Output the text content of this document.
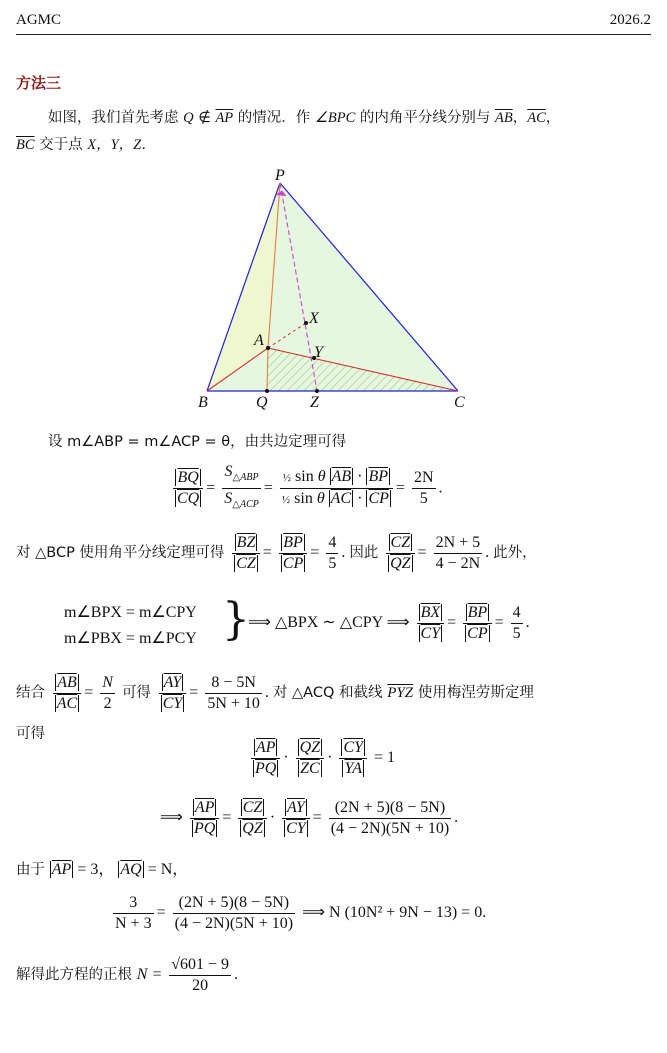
AGMC	2026.2
方法三
如图，我们首先考虑 Q ∉ $\overline{AP}$ 的情况．作 ∠BPC 的内角平分线分别与 $\overline{AB}$，$\overline{AC}$，
$\overline{BC}$ 交于点 X，Y，Z．
P
A
X
Y
B	Q	Z	C
设 m∠ABP = m∠ACP = θ，由共边定理可得
$\frac{\overline{BQ}}{CQ} = \frac{S_{\triangle ABP}}{S_{\triangle ACP}} = \frac{\frac{1}{2} \sin \theta \overline{AB} \cdot \overline{BP}}{\frac{1}{2} \sin \theta \overline{AC} \cdot \overline{CP}} = \frac{2N}{5}$ .
对 △BCP 使用角平分线定理可得 $\frac{\overline{BZ}}{CZ} = \frac{\overline{BP}}{CP} = \frac{4}{5}$ . 因此 $\frac{\overline{CZ}}{QZ} = \frac{2N + 5}{4 - 2N}$ . 此外，
m∠BPX = m∠CPY
m∠PBX = m∠PCY }
⟹ △BPX ∼ △CPY ⟹ $\frac{\overline{BX}}{CY} = \frac{\overline{BP}}{CP} = \frac{4}{5}$ .
结合 $\frac{\overline{AB}}{AC} = \frac{N}{2}$ 可得 $\frac{\overline{AY}}{CY} = \frac{8 - 5N}{5N + 10}$ . 对 △ACQ 和截线 $\overline{PYZ}$ 使用梅涅劳斯定理
可得
$\frac{\overline{AP}}{PQ} \cdot \frac{\overline{QZ}}{ZC} \cdot \frac{\overline{CY}}{YA} = 1$
⟹ $\frac{\overline{AP}}{PQ} = \frac{\overline{CZ}}{QZ} \cdot \frac{\overline{AY}}{CY} = \frac{(2N + 5)(8 - 5N)}{(4 - 2N)(5N + 10)}$ .
由于 $\overline{AP} = 3$， $\overline{AQ} = N$，
$\frac{3}{N + 3} = \frac{(2N + 5)(8 - 5N)}{(4 - 2N)(5N + 10)}$ ⟹ N (10N² + 9N − 13) = 0.
解得此方程的正根 $N = \frac{√601 - 9}{20}$ .
